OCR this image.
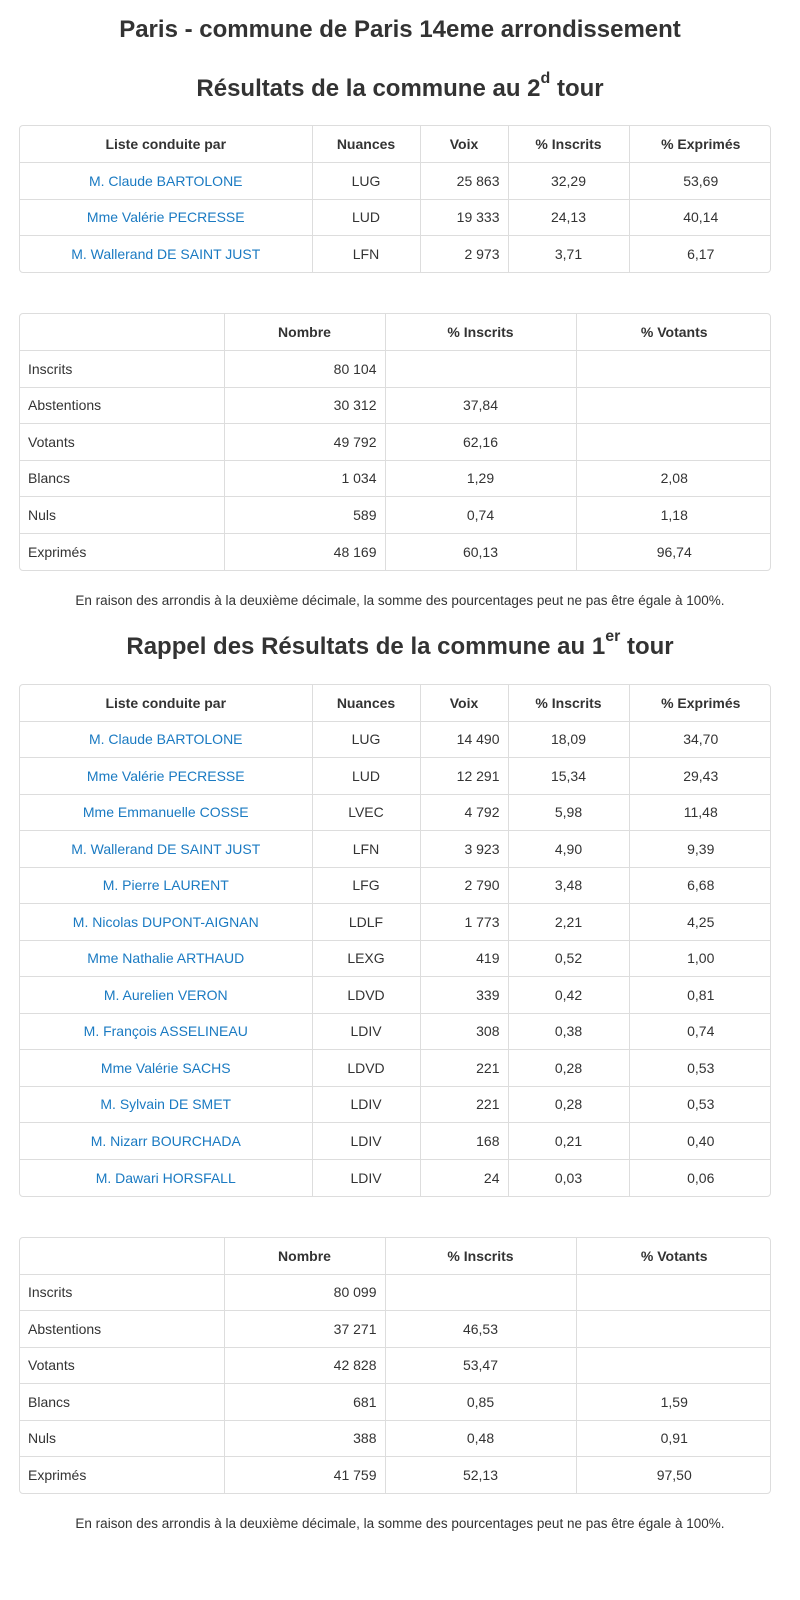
Paris - commune de Paris 14eme arrondissement
Résultats de la commune au 2$^d$ tour
Liste conduite par	Nuances	Voix	% Inscrits	% Exprimés
M. Claude BARTOLONE	LUG	25 863	32,29	53,69
Mme Valérie PECRESSE	LUD	19 333	24,13	40,14
M. Wallerand DE SAINT JUST	LFN	2 973	3,71	6,17
	Nombre	% Inscrits	% Votants
Inscrits	80 104		
Abstentions	30 312	37,84	
Votants	49 792	62,16	
Blancs	1 034	1,29	2,08
Nuls	589	0,74	1,18
Exprimés	48 169	60,13	96,74

En raison des arrondis à la deuxième décimale, la somme des pourcentages peut ne pas être égale à 100%.

Rappel des Résultats de la commune au 1er tour
Liste conduite par	Nuances	Voix	% Inscrits	% Exprimés
M. Claude BARTOLONE	LUG	14 490	18,09	34,70
Mme Valérie PECRESSE	LUD	12 291	15,34	29,43
Mme Emmanuelle COSSE	LVEC	4 792	5,98	11,48
M. Wallerand DE SAINT JUST	LFN	3 923	4,90	9,39
M. Pierre LAURENT	LFG	2 790	3,48	6,68
M. Nicolas DUPONT-AIGNAN	LDLF	1 773	2,21	4,25
Mme Nathalie ARTHAUD	LEXG	419	0,52	1,00
M. Aurelien VERON	LDVD	339	0,42	0,81
M. François ASSELINEAU	LDIV	308	0,38	0,74
Mme Valérie SACHS	LDVD	221	0,28	0,53
M. Sylvain DE SMET	LDIV	221	0,28	0,53
M. Nizarr BOURCHADA	LDIV	168	0,21	0,40
M. Dawari HORSFALL	LDIV	24	0,03	0,06
	Nombre	% Inscrits	% Votants
Inscrits	80 099		
Abstentions	37 271	46,53	
Votants	42 828	53,47	
Blancs	681	0,85	1,59
Nuls	388	0,48	0,91
Exprimés	41 759	52,13	97,50

En raison des arrondis à la deuxième décimale, la somme des pourcentages peut ne pas être égale à 100%.
